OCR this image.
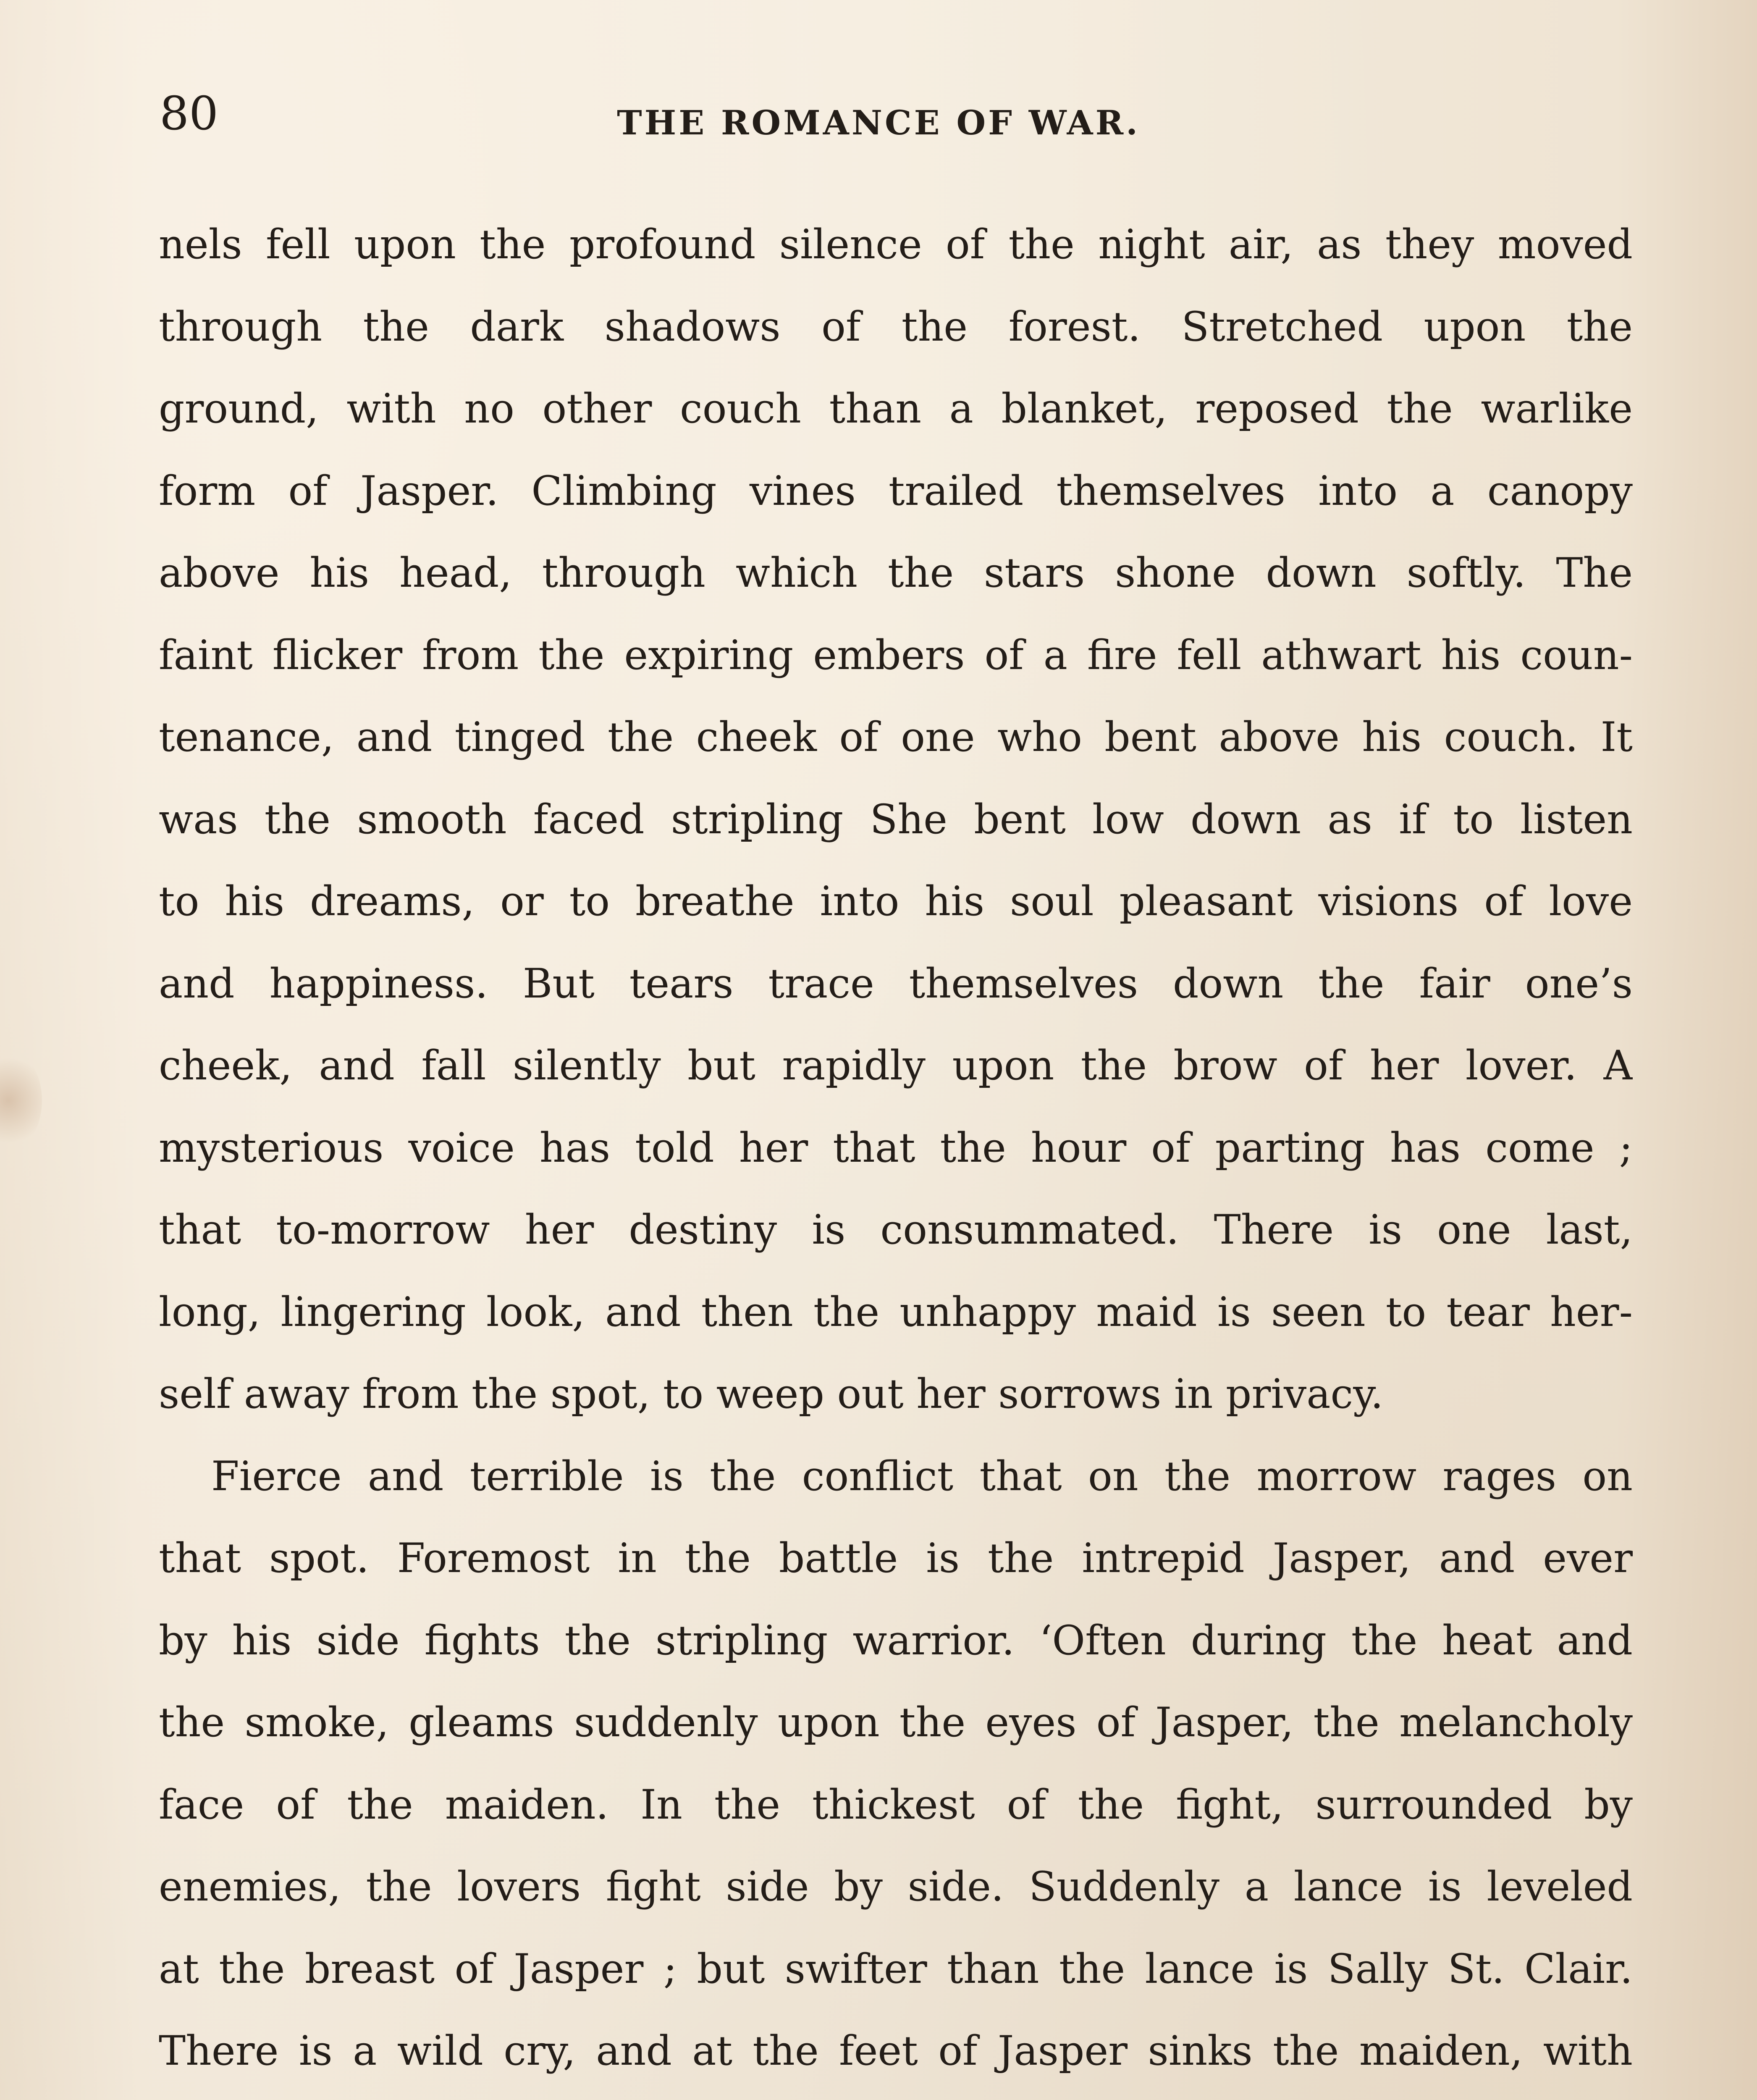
80	THE ROMANCE OF WAR.
nels fell upon the profound silence of the night air, as they moved
through the dark shadows of the forest. Stretched upon the
ground, with no other couch than a blanket, reposed the warlike
form of Jasper. Climbing vines trailed themselves into a canopy
above his head, through which the stars shone down softly. The
faint flicker from the expiring embers of a fire fell athwart his coun-
tenance, and tinged the cheek of one who bent above his couch. It
was the smooth faced stripling She bent low down as if to listen
to his dreams, or to breathe into his soul pleasant visions of love
and happiness. But tears trace themselves down the fair one’s
cheek, and fall silently but rapidly upon the brow of her lover. A
mysterious voice has told her that the hour of parting has come ;
that to-morrow her destiny is consummated. There is one last,
long, lingering look, and then the unhappy maid is seen to tear her-
self away from the spot, to weep out her sorrows in privacy.
Fierce and terrible is the conflict that on the morrow rages on
that spot. Foremost in the battle is the intrepid Jasper, and ever
by his side fights the stripling warrior. ‘Often during the heat and
the smoke, gleams suddenly upon the eyes of Jasper, the melancholy
face of the maiden. In the thickest of the fight, surrounded by
enemies, the lovers fight side by side. Suddenly a lance is leveled
at the breast of Jasper ; but swifter than the lance is Sally St. Clair.
There is a wild cry, and at the feet of Jasper sinks the maiden, with
